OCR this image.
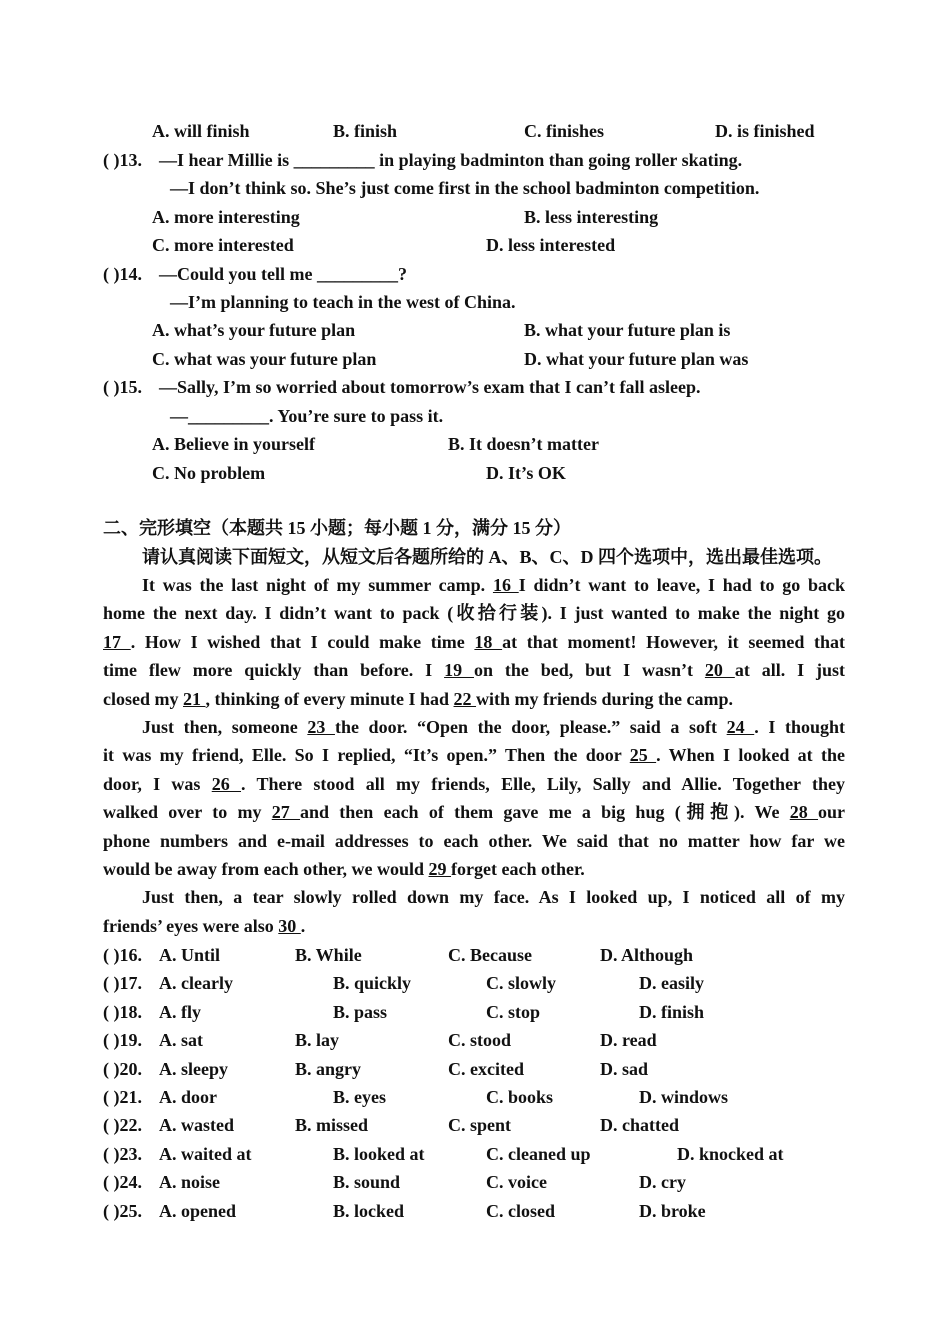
A. will finish	B. finish	C. finishes	D. is finished
( )13. —I hear Millie is _________ in playing badminton than going roller skating.
—I don’t think so. She’s just come first in the school badminton competition.
A. more interesting	B. less interesting
C. more interested	D. less interested
( )14. —Could you tell me _________?
—I’m planning to teach in the west of China.
A. what’s your future plan	B. what your future plan is
C. what was your future plan	D. what your future plan was
( )15. —Sally, I’m so worried about tomorrow’s exam that I can’t fall asleep.
—_________. You’re sure to pass it.
A. Believe in yourself	B. It doesn’t matter
C. No problem	D. It’s OK
二、完形填空（本题共 15 小题；每小题 1 分，满分 15 分）
请认真阅读下面短文，从短文后各题所给的 A、B、C、D 四个选项中，选出最佳选项。
It was the last night of my summer camp. 16 I didn’t want to leave, I had to go back
home the next day. I didn’t want to pack (收拾行装). I just wanted to make the night go
17 . How I wished that I could make time 18 at that moment! However, it seemed that
time flew more quickly than before. I 19 on the bed, but I wasn’t 20 at all. I just
closed my 21 , thinking of every minute I had 22 with my friends during the camp.
Just then, someone 23 the door. “Open the door, please.” said a soft 24 . I thought
it was my friend, Elle. So I replied, “It’s open.” Then the door 25 . When I looked at the
door, I was 26 . There stood all my friends, Elle, Lily, Sally and Allie. Together they
walked over to my 27 and then each of them gave me a big hug (拥抱). We 28 our
phone numbers and e-mail addresses to each other. We said that no matter how far we
would be away from each other, we would 29 forget each other.
Just then, a tear slowly rolled down my face. As I looked up, I noticed all of my
friends’ eyes were also 30 .
( )16. A. Until	B. While	C. Because	D. Although
( )17. A. clearly	B. quickly	C. slowly	D. easily
( )18. A. fly	B. pass	C. stop	D. finish
( )19. A. sat	B. lay	C. stood	D. read
( )20. A. sleepy	B. angry	C. excited	D. sad
( )21. A. door	B. eyes	C. books	D. windows
( )22. A. wasted	B. missed	C. spent	D. chatted
( )23. A. waited at	B. looked at	C. cleaned up	D. knocked at
( )24. A. noise	B. sound	C. voice	D. cry
( )25. A. opened	B. locked	C. closed	D. broke
